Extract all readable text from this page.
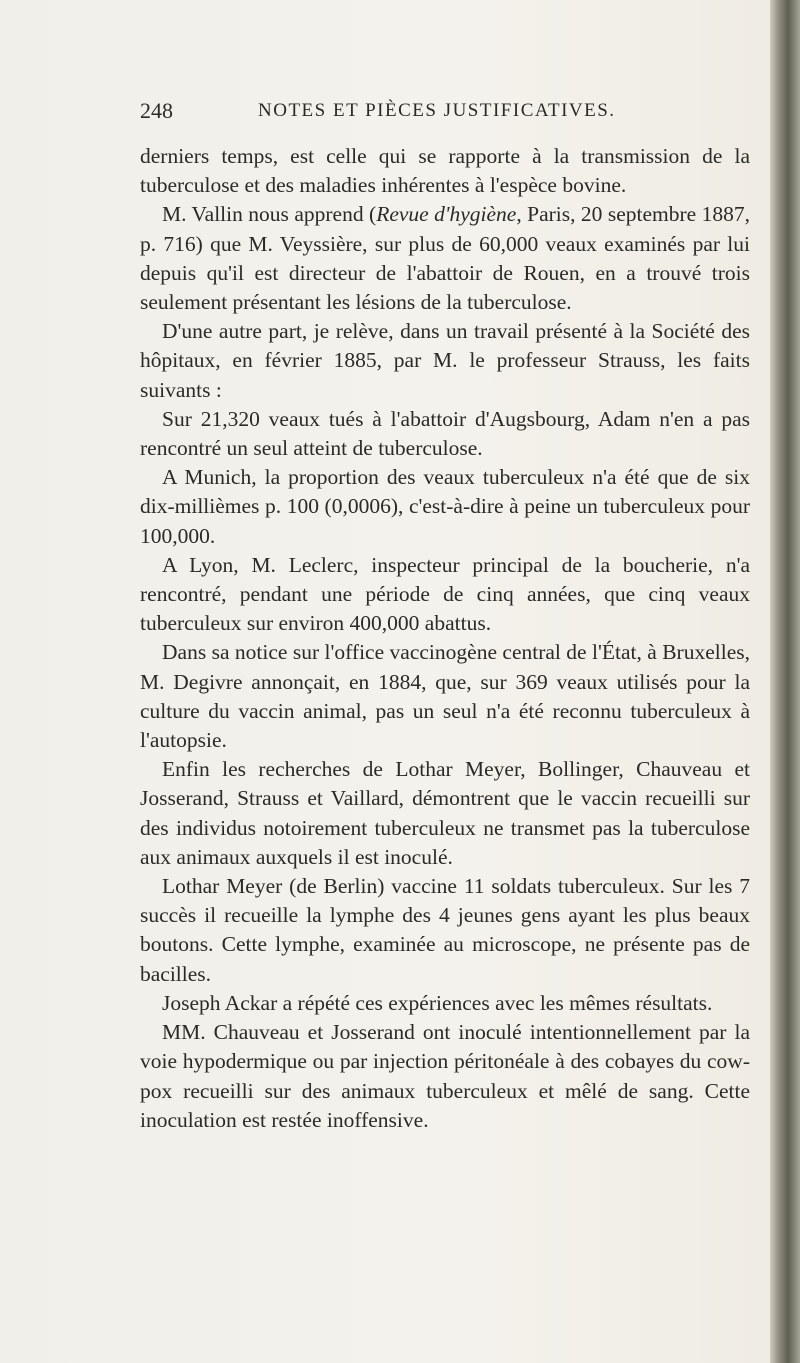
248	NOTES ET PIÈCES JUSTIFICATIVES.

derniers temps, est celle qui se rapporte à la transmission de la tuberculose et des maladies inhérentes à l'espèce bovine.

M. Vallin nous apprend (Revue d'hygiène, Paris, 20 septembre 1887, p. 716) que M. Veyssière, sur plus de 60,000 veaux examinés par lui depuis qu'il est directeur de l'abattoir de Rouen, en a trouvé trois seulement présentant les lésions de la tuberculose.

D'une autre part, je relève, dans un travail présenté à la Société des hôpitaux, en février 1885, par M. le professeur Strauss, les faits suivants :

Sur 21,320 veaux tués à l'abattoir d'Augsbourg, Adam n'en a pas rencontré un seul atteint de tuberculose.

A Munich, la proportion des veaux tuberculeux n'a été que de six dix-millièmes p. 100 (0,0006), c'est-à-dire à peine un tuberculeux pour 100,000.

A Lyon, M. Leclerc, inspecteur principal de la boucherie, n'a rencontré, pendant une période de cinq années, que cinq veaux tuberculeux sur environ 400,000 abattus.

Dans sa notice sur l'office vaccinogène central de l'État, à Bruxelles, M. Degivre annonçait, en 1884, que, sur 369 veaux utilisés pour la culture du vaccin animal, pas un seul n'a été reconnu tuberculeux à l'autopsie.

Enfin les recherches de Lothar Meyer, Bollinger, Chauveau et Josserand, Strauss et Vaillard, démontrent que le vaccin recueilli sur des individus notoirement tuberculeux ne transmet pas la tuberculose aux animaux auxquels il est inoculé.

Lothar Meyer (de Berlin) vaccine 11 soldats tuberculeux. Sur les 7 succès il recueille la lymphe des 4 jeunes gens ayant les plus beaux boutons. Cette lymphe, examinée au microscope, ne présente pas de bacilles.

Joseph Ackar a répété ces expériences avec les mêmes résultats.

MM. Chauveau et Josserand ont inoculé intentionnellement par la voie hypodermique ou par injection péritonéale à des cobayes du cow-pox recueilli sur des animaux tuberculeux et mêlé de sang. Cette inoculation est restée inoffensive.
